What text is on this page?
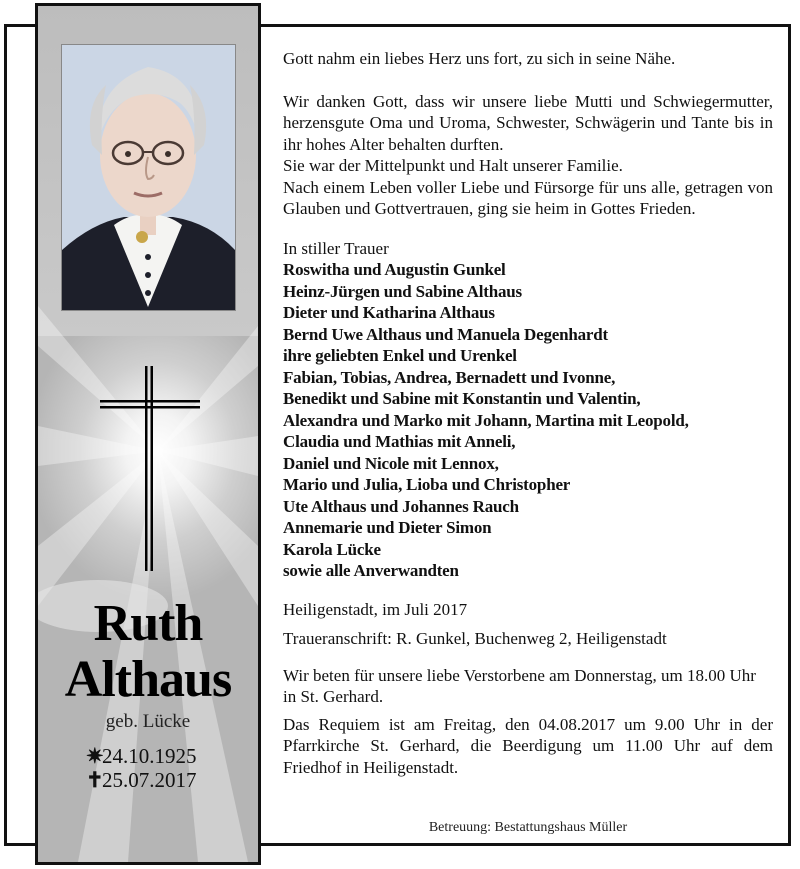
Ruth
Althaus
geb. Lücke
✷24.10.1925
✝25.07.2017

Gott nahm ein liebes Herz uns fort, zu sich in seine Nähe.

Wir danken Gott, dass wir unsere liebe Mutti und Schwiegermutter, herzensgute Oma und Uroma, Schwester, Schwägerin und Tante bis in ihr hohes Alter behalten durften.

Sie war der Mittelpunkt und Halt unserer Familie.

Nach einem Leben voller Liebe und Fürsorge für uns alle, getragen von Glauben und Gottvertrauen, ging sie heim in Gottes Frieden.

In stiller Trauer

Roswitha und Augustin Gunkel
Heinz-Jürgen und Sabine Althaus
Dieter und Katharina Althaus
Bernd Uwe Althaus und Manuela Degenhardt
ihre geliebten Enkel und Urenkel
Fabian, Tobias, Andrea, Bernadett und Ivonne,
Benedikt und Sabine mit Konstantin und Valentin,
Alexandra und Marko mit Johann, Martina mit Leopold,
Claudia und Mathias mit Anneli,
Daniel und Nicole mit Lennox,
Mario und Julia, Lioba und Christopher
Ute Althaus und Johannes Rauch
Annemarie und Dieter Simon
Karola Lücke
sowie alle Anverwandten

Heiligenstadt, im Juli 2017

Traueranschrift: R. Gunkel, Buchenweg 2, Heiligenstadt

Wir beten für unsere liebe Verstorbene am Donnerstag, um 18.00 Uhr in St. Gerhard.

Das Requiem ist am Freitag, den 04.08.2017 um 9.00 Uhr in der Pfarrkirche St. Gerhard, die Beerdigung um 11.00 Uhr auf dem Friedhof in Heiligenstadt.

Betreuung: Bestattungshaus Müller
